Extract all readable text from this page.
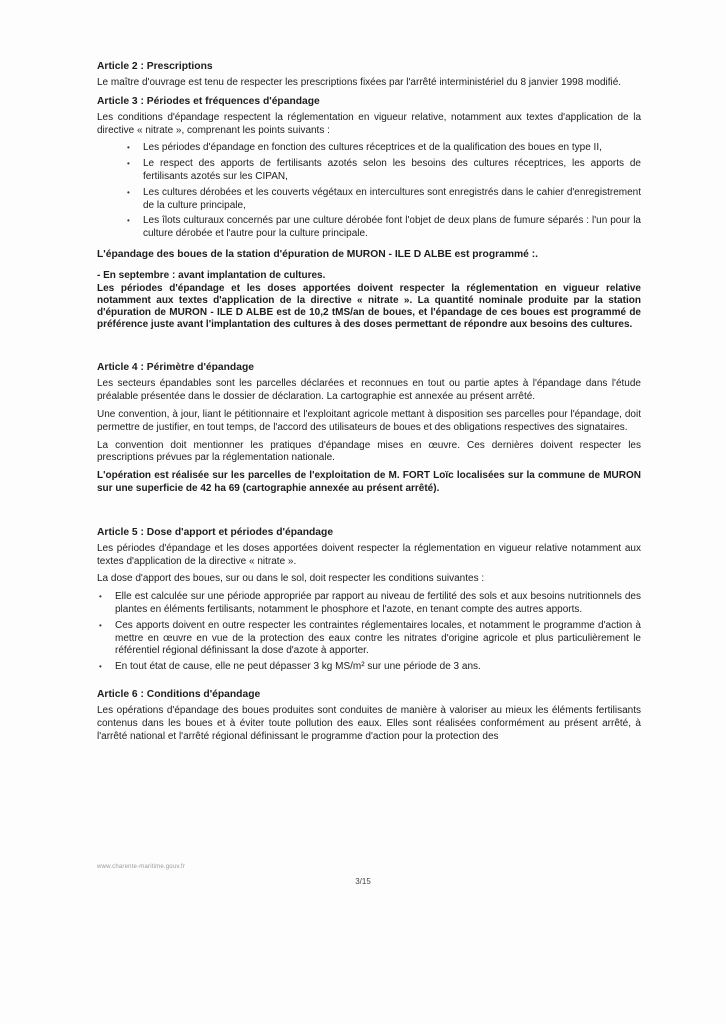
Article 2 : Prescriptions

Le maître d'ouvrage est tenu de respecter les prescriptions fixées par l'arrêté interministériel du 8 janvier 1998 modifié.

Article 3 : Périodes et fréquences d'épandage

Les conditions d'épandage respectent la réglementation en vigueur relative, notamment aux textes d'application de la directive « nitrate », comprenant les points suivants :

• Les périodes d'épandage en fonction des cultures réceptrices et de la qualification des boues en type II,
• Le respect des apports de fertilisants azotés selon les besoins des cultures réceptrices, les apports de fertilisants azotés sur les CIPAN,
• Les cultures dérobées et les couverts végétaux en intercultures sont enregistrés dans le cahier d'enregistrement de la culture principale,
• Les îlots culturaux concernés par une culture dérobée font l'objet de deux plans de fumure séparés : l'un pour la culture dérobée et l'autre pour la culture principale.

L'épandage des boues de la station d'épuration de MURON - ILE D ALBE est programmé :.

- En septembre : avant implantation de cultures.

Les périodes d'épandage et les doses apportées doivent respecter la réglementation en vigueur relative notamment aux textes d'application de la directive « nitrate ». La quantité nominale produite par la station d'épuration de MURON - ILE D ALBE est de 10,2 tMS/an de boues, et l'épandage de ces boues est programmé de préférence juste avant l'implantation des cultures à des doses permettant de répondre aux besoins des cultures.

Article 4 : Périmètre d'épandage

Les secteurs épandables sont les parcelles déclarées et reconnues en tout ou partie aptes à l'épandage dans l'étude préalable présentée dans le dossier de déclaration. La cartographie est annexée au présent arrêté.

Une convention, à jour, liant le pétitionnaire et l'exploitant agricole mettant à disposition ses parcelles pour l'épandage, doit permettre de justifier, en tout temps, de l'accord des utilisateurs de boues et des obligations respectives des signataires.

La convention doit mentionner les pratiques d'épandage mises en œuvre. Ces dernières doivent respecter les prescriptions prévues par la réglementation nationale.

L'opération est réalisée sur les parcelles de l'exploitation de M. FORT Loïc localisées sur la commune de MURON sur une superficie de 42 ha 69 (cartographie annexée au présent arrêté).

Article 5 : Dose d'apport et périodes d'épandage

Les périodes d'épandage et les doses apportées doivent respecter la réglementation en vigueur relative notamment aux textes d'application de la directive « nitrate ».

La dose d'apport des boues, sur ou dans le sol, doit respecter les conditions suivantes :

• Elle est calculée sur une période appropriée par rapport au niveau de fertilité des sols et aux besoins nutritionnels des plantes en éléments fertilisants, notamment le phosphore et l'azote, en tenant compte des autres apports.
• Ces apports doivent en outre respecter les contraintes réglementaires locales, et notamment le programme d'action à mettre en œuvre en vue de la protection des eaux contre les nitrates d'origine agricole et plus particulièrement le référentiel régional définissant la dose d'azote à apporter.
• En tout état de cause, elle ne peut dépasser 3 kg MS/m² sur une période de 3 ans.
Article 6 : Conditions d'épandage

Les opérations d'épandage des boues produites sont conduites de manière à valoriser au mieux les éléments fertilisants contenus dans les boues et à éviter toute pollution des eaux. Elles sont réalisées conformément au présent arrêté, à l'arrêté national et l'arrêté régional définissant le programme d'action pour la protection des

www.charente-maritime.gouv.fr
3/15
